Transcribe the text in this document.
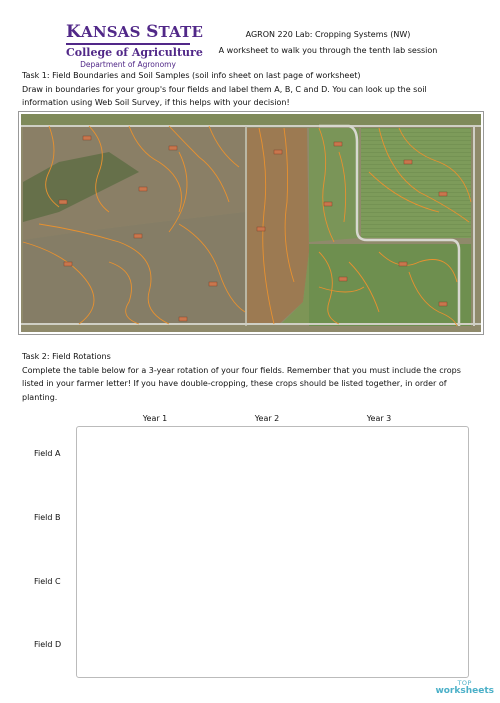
KANSAS STATE
College of Agriculture
Department of Agronomy
AGRON 220 Lab: Cropping Systems (NW)
A worksheet to walk you through the tenth lab session
Task 1: Field Boundaries and Soil Samples (soil info sheet on last page of worksheet)
Draw in boundaries for your group's four fields and label them A, B, C and D. You can look up the soil
information using Web Soil Survey, if this helps with your decision!
Task 2: Field Rotations
Complete the table below for a 3-year rotation of your four fields. Remember that you must include the crops
listed in your farmer letter! If you have double-cropping, these crops should be listed together, in order of
planting.
Year 1	Year 2	Year 3
Field A
Field B
Field C
Field D
TOP
worksheets
